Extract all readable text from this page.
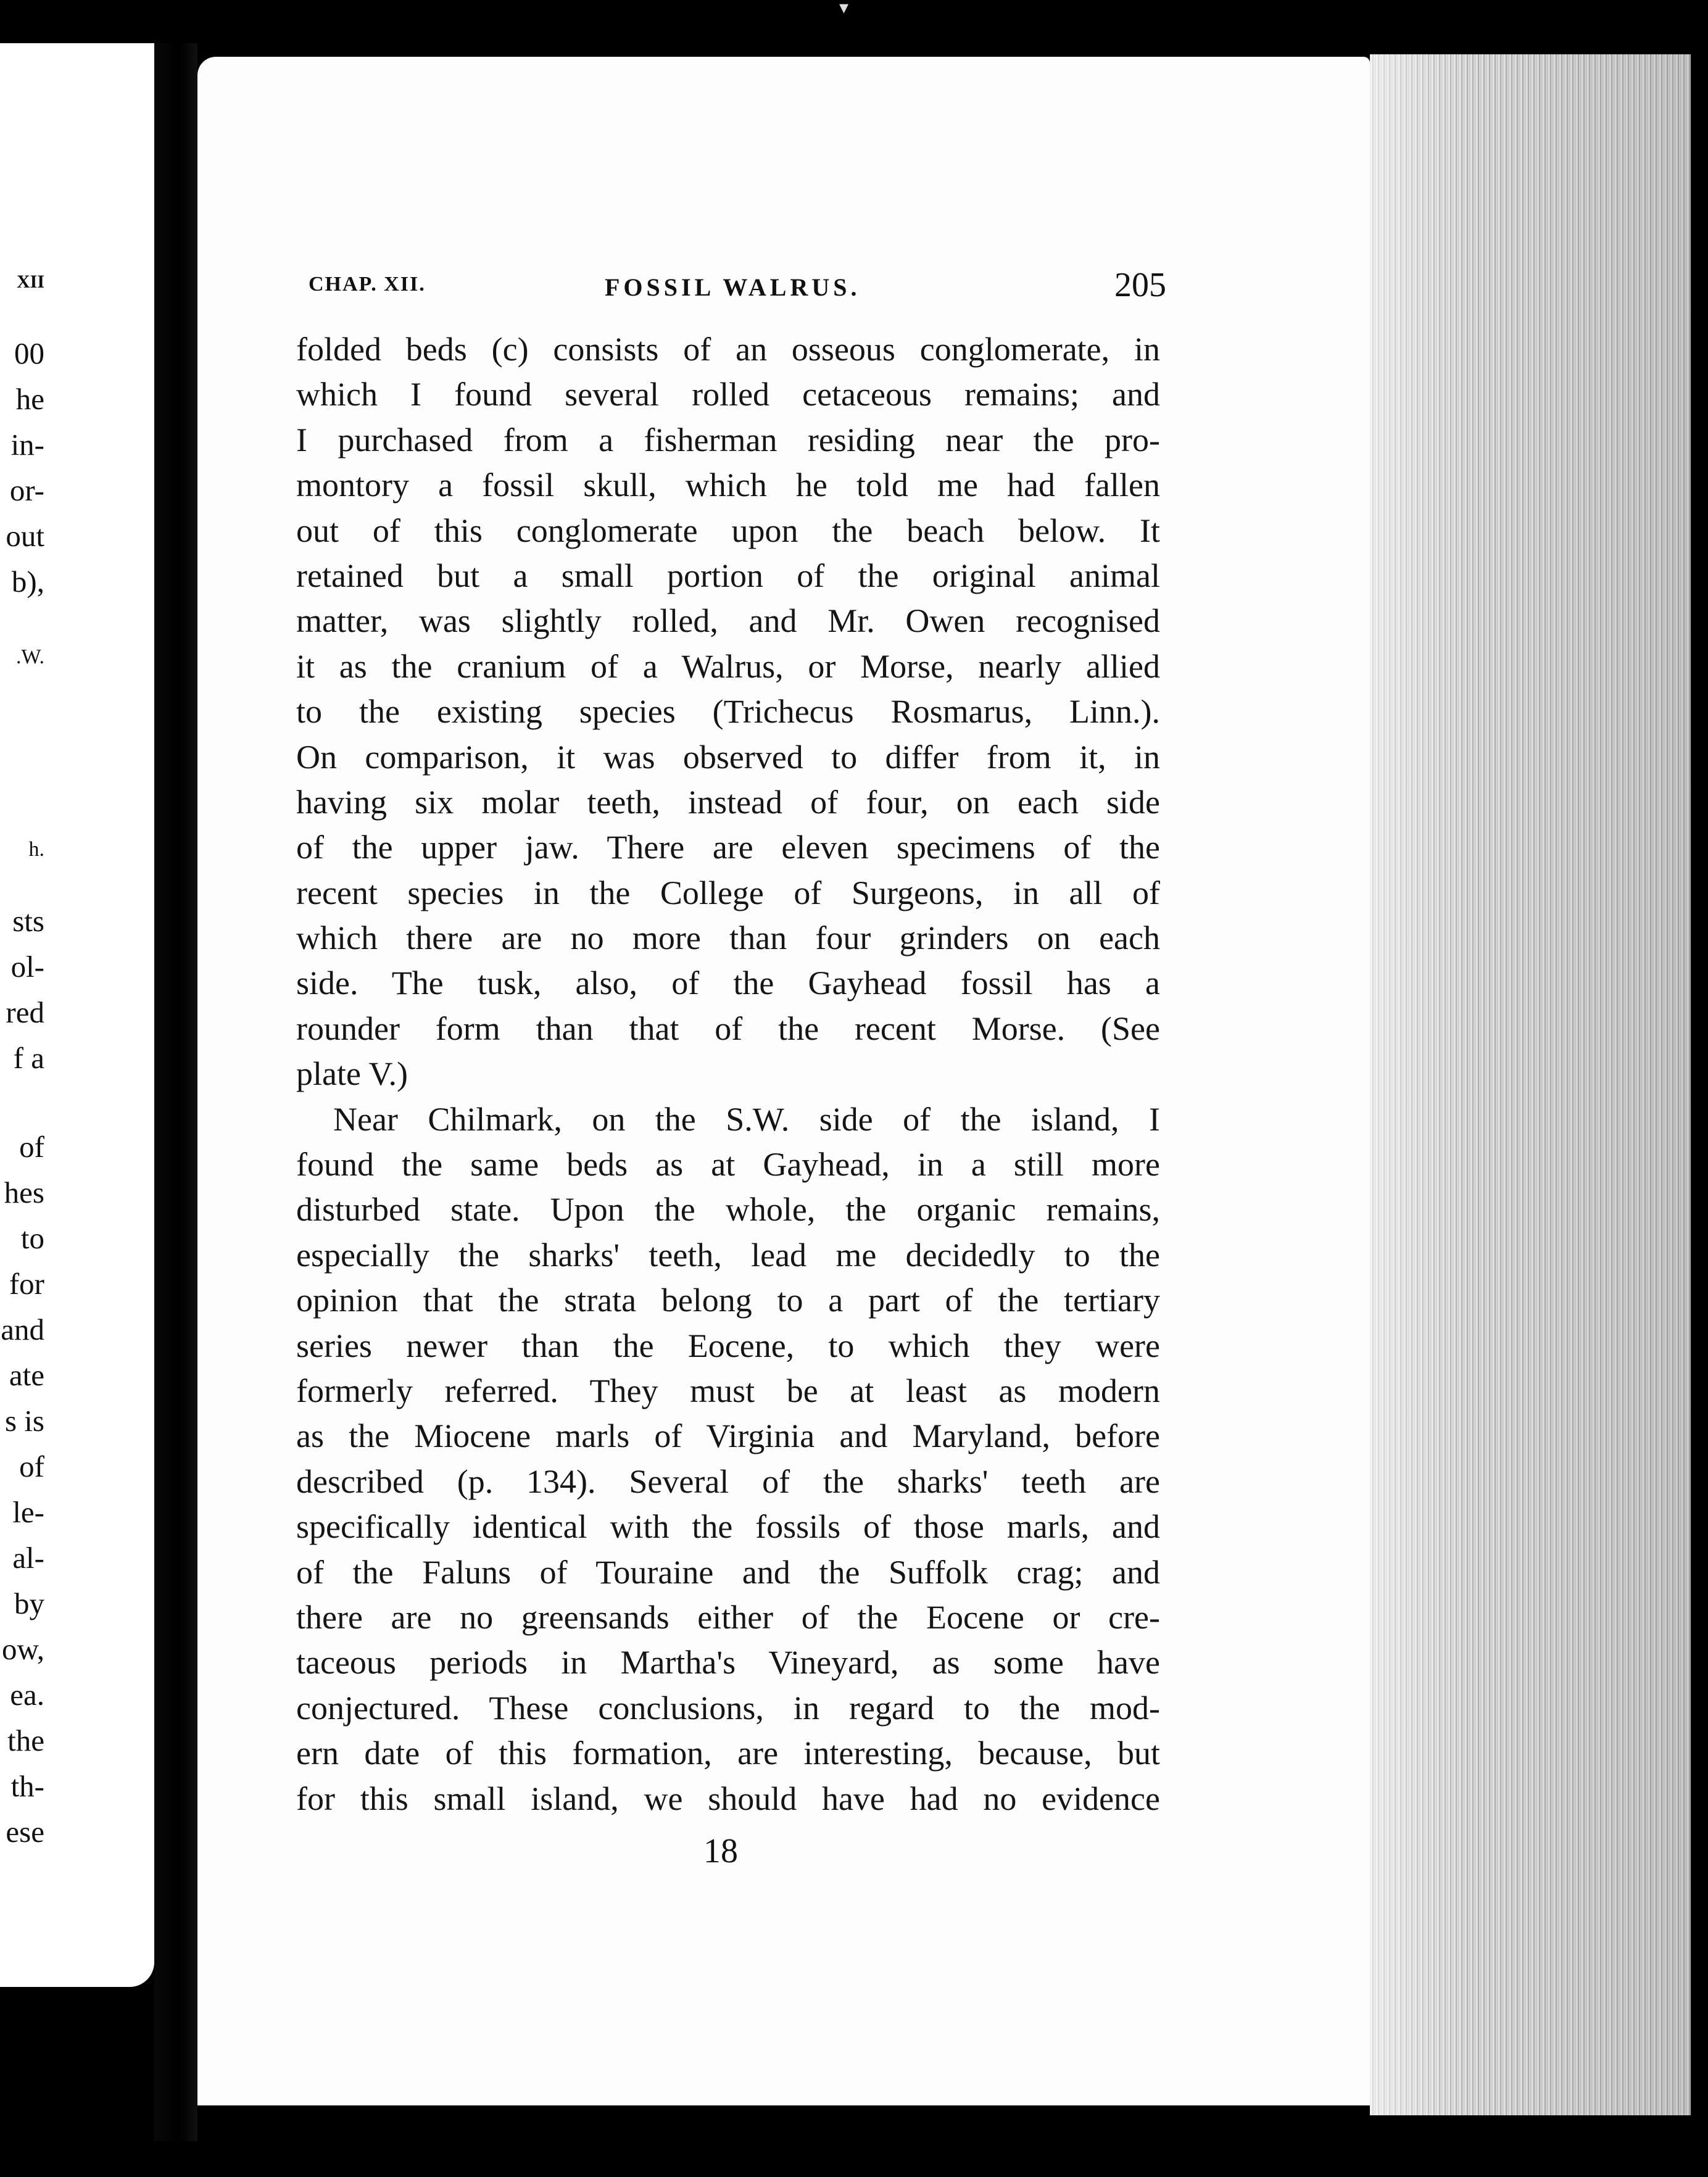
▾
XII
00
he
in-
or-
out
b),
.W.
h.
sts
ol-
red
f a
of
hes
to
for
and
ate
s is
of
le-
al-
by
ow,
ea.
the
th-
ese
CHAP. XII.	FOSSIL WALRUS.	205
folded beds (c) consists of an osseous conglomerate, in
which I found several rolled cetaceous remains; and
I purchased from a fisherman residing near the pro-
montory a fossil skull, which he told me had fallen
out of this conglomerate upon the beach below. It
retained but a small portion of the original animal
matter, was slightly rolled, and Mr. Owen recognised
it as the cranium of a Walrus, or Morse, nearly allied
to the existing species (Trichecus Rosmarus, Linn.).
On comparison, it was observed to differ from it, in
having six molar teeth, instead of four, on each side
of the upper jaw. There are eleven specimens of the
recent species in the College of Surgeons, in all of
which there are no more than four grinders on each
side. The tusk, also, of the Gayhead fossil has a
rounder form than that of the recent Morse. (See
plate V.)
Near Chilmark, on the S.W. side of the island, I
found the same beds as at Gayhead, in a still more
disturbed state. Upon the whole, the organic remains,
especially the sharks' teeth, lead me decidedly to the
opinion that the strata belong to a part of the tertiary
series newer than the Eocene, to which they were
formerly referred. They must be at least as modern
as the Miocene marls of Virginia and Maryland, before
described (p. 134). Several of the sharks' teeth are
specifically identical with the fossils of those marls, and
of the Faluns of Touraine and the Suffolk crag; and
there are no greensands either of the Eocene or cre-
taceous periods in Martha's Vineyard, as some have
conjectured. These conclusions, in regard to the mod-
ern date of this formation, are interesting, because, but
for this small island, we should have had no evidence
18
